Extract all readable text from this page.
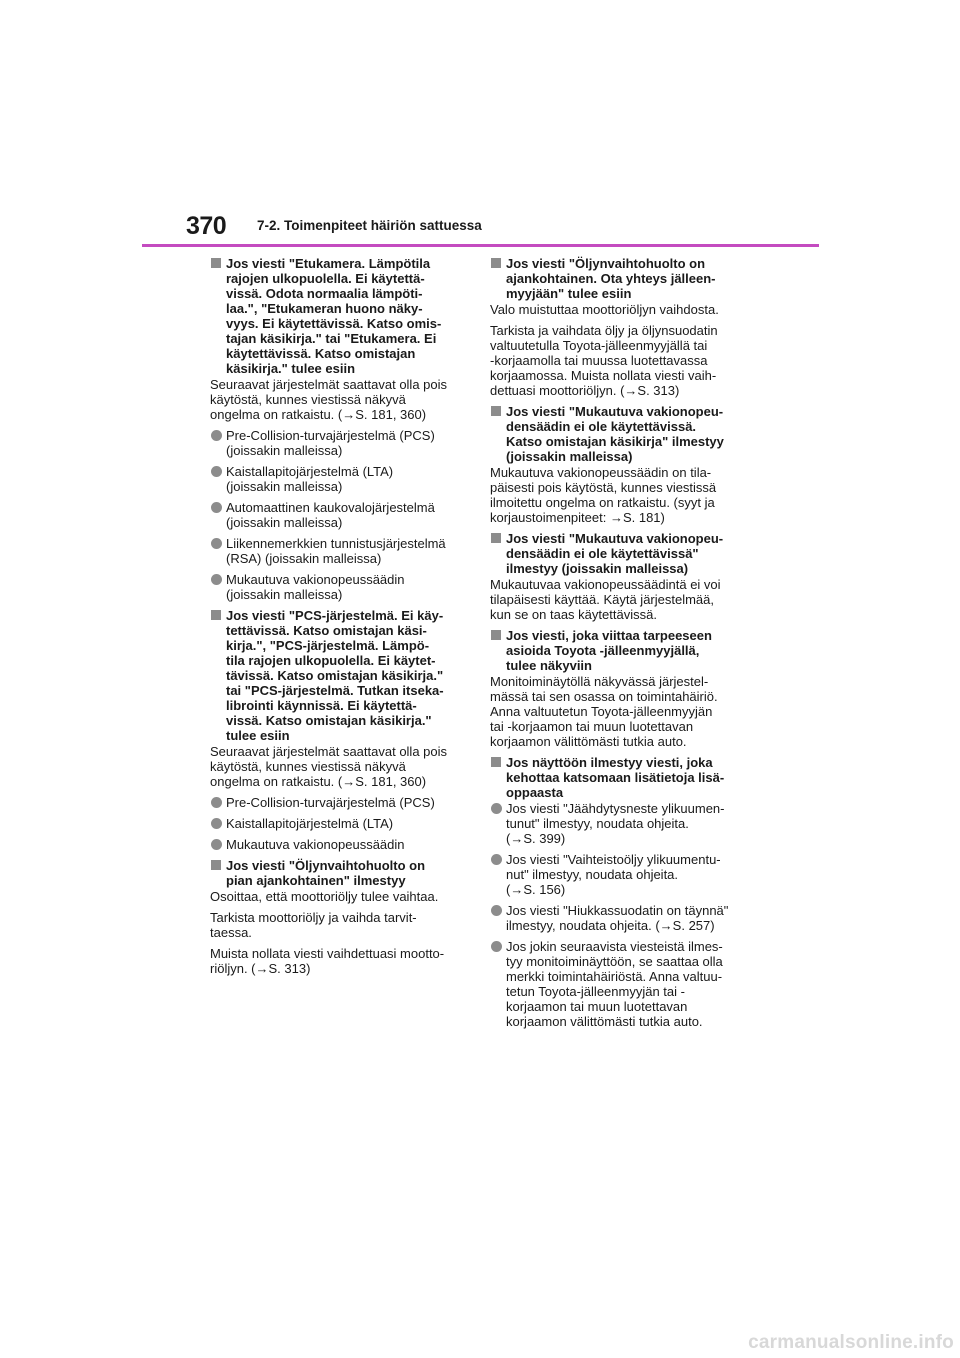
370 7-2. Toimenpiteet häiriön sattuessa
Jos viesti "Etukamera. Lämpötila
rajojen ulkopuolella. Ei käytettä-
vissä. Odota normaalia lämpöti-
laa.", "Etukameran huono näky-
vyys. Ei käytettävissä. Katso omis-
tajan käsikirja." tai "Etukamera. Ei
käytettävissä. Katso omistajan
käsikirja." tulee esiin

Seuraavat järjestelmät saattavat olla pois
käytöstä, kunnes viestissä näkyvä
ongelma on ratkaistu. (→S. 181, 360)

Pre-Collision-turvajärjestelmä (PCS)
(joissakin malleissa)
Kaistallapitojärjestelmä (LTA)
(joissakin malleissa)
Automaattinen kaukovalojärjestelmä
(joissakin malleissa)
Liikennemerkkien tunnistusjärjestelmä
(RSA) (joissakin malleissa)
Mukautuva vakionopeussäädin
(joissakin malleissa)
Jos viesti "PCS-järjestelmä. Ei käy-
tettävissä. Katso omistajan käsi-
kirja.", "PCS-järjestelmä. Lämpö-
tila rajojen ulkopuolella. Ei käytet-
tävissä. Katso omistajan käsikirja."
tai "PCS-järjestelmä. Tutkan itseka-
librointi käynnissä. Ei käytettä-
vissä. Katso omistajan käsikirja."
tulee esiin

Seuraavat järjestelmät saattavat olla pois
käytöstä, kunnes viestissä näkyvä
ongelma on ratkaistu. (→S. 181, 360)

Pre-Collision-turvajärjestelmä (PCS)
Kaistallapitojärjestelmä (LTA)
Mukautuva vakionopeussäädin
Jos viesti "Öljynvaihtohuolto on
pian ajankohtainen" ilmestyy

Osoittaa, että moottoriöljy tulee vaihtaa.

Tarkista moottoriöljy ja vaihda tarvit-
taessa.

Muista nollata viesti vaihdettuasi mootto-
riöljyn. (→S. 313)

Jos viesti "Öljynvaihtohuolto on
ajankohtainen. Ota yhteys jälleen-
myyjään" tulee esiin

Valo muistuttaa moottoriöljyn vaihdosta.

Tarkista ja vaihdata öljy ja öljynsuodatin
valtuutetulla Toyota-jälleenmyyjällä tai
-korjaamolla tai muussa luotettavassa
korjaamossa. Muista nollata viesti vaih-
dettuasi moottoriöljyn. (→S. 313)

Jos viesti "Mukautuva vakionopeu-
densäädin ei ole käytettävissä.
Katso omistajan käsikirja" ilmestyy
(joissakin malleissa)

Mukautuva vakionopeussäädin on tila-
päisesti pois käytöstä, kunnes viestissä
ilmoitettu ongelma on ratkaistu. (syyt ja
korjaustoimenpiteet: →S. 181)

Jos viesti "Mukautuva vakionopeu-
densäädin ei ole käytettävissä"
ilmestyy (joissakin malleissa)

Mukautuvaa vakionopeussäädintä ei voi
tilapäisesti käyttää. Käytä järjestelmää,
kun se on taas käytettävissä.

Jos viesti, joka viittaa tarpeeseen
asioida Toyota -jälleenmyyjällä,
tulee näkyviin

Monitoiminäytöllä näkyvässä järjestel-
mässä tai sen osassa on toimintahäiriö.
Anna valtuutetun Toyota-jälleenmyyjän
tai -korjaamon tai muun luotettavan
korjaamon välittömästi tutkia auto.

Jos näyttöön ilmestyy viesti, joka
kehottaa katsomaan lisätietoja lisä-
oppaasta
Jos viesti "Jäähdytysneste ylikuumen-
tunut" ilmestyy, noudata ohjeita.
(→S. 399)
Jos viesti "Vaihteistoöljy ylikuumentu-
nut" ilmestyy, noudata ohjeita.
(→S. 156)
Jos viesti "Hiukkassuodatin on täynnä"
ilmestyy, noudata ohjeita. (→S. 257)
Jos jokin seuraavista viesteistä ilmes-
tyy monitoiminäyttöön, se saattaa olla
merkki toimintahäiriöstä. Anna valtuu-
tetun Toyota-jälleenmyyjän tai -
korjaamon tai muun luotettavan
korjaamon välittömästi tutkia auto.
carmanualsonline.info
